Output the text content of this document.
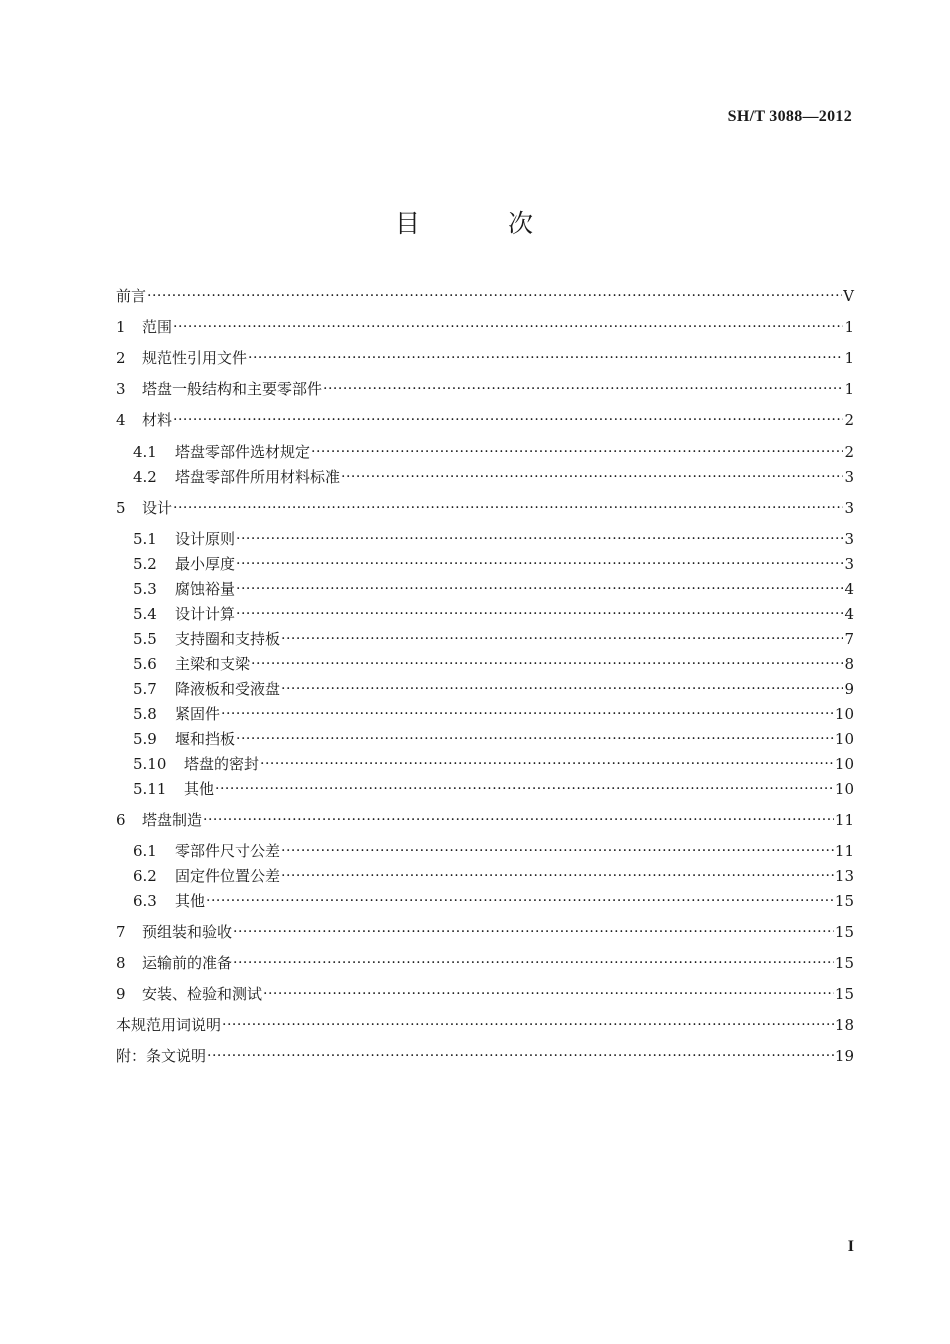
SH/T 3088—2012
目 次
前言 ·····	V
1	范围 ·····	1
2	规范性引用文件 ·····	1
3	塔盘一般结构和主要零部件 ·····	1
4	材料 ·····	2
4.1	塔盘零部件选材规定 ·····	2
4.2	塔盘零部件所用材料标准 ·····	3
5	设计 ·····	3
5.1	设计原则 ·····	3
5.2	最小厚度 ·····	3
5.3	腐蚀裕量 ·····	4
5.4	设计计算 ·····	4
5.5	支持圈和支持板 ·····	7
5.6	主梁和支梁 ·····	8
5.7	降液板和受液盘 ·····	9
5.8	紧固件 ·····	10
5.9	堰和挡板 ·····	10
5.10	塔盘的密封 ·····	10
5.11	其他 ·····	10
6	塔盘制造 ·····	11
6.1	零部件尺寸公差 ·····	11
6.2	固定件位置公差 ·····	13
6.3	其他 ·····	15
7	预组装和验收 ·····	15
8	运输前的准备 ·····	15
9	安装、检验和测试 ·····	15
本规范用词说明 ·····	18
附：条文说明 ·····	19
I
